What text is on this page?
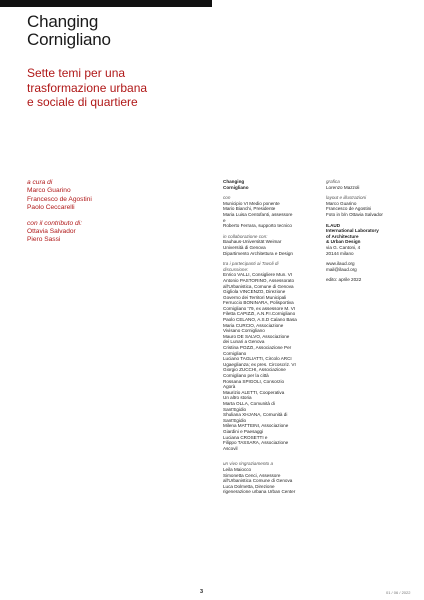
Changing
Cornigliano
Sette temi per una
trasformazione urbana
e sociale di quartiere
a cura di
Marco Guarino
Francesco de Agostini
Paolo Ceccarelli
con il contributo di:
Ottavia Salvador
Piero Sassi
Changing
Cornigliano
con
Municipio VI Medio ponente
Mario Bianchi, Presidente
Maria Luisa Centofanti, assessore
e
Roberto Ferrara, supporto tecnico
in collaborazione con:
Bauhaus-Universität Weimar
Università di Genova
Dipartimento Architettura e Design
tra i partecipanti ai Tavoli di
discussione:
Enrico VALLI, Consigliere Mun. VI
Antonio PASTORINO, Assessorato
all'Urbanistica, Comune di Genova
Gigliola VINCENZO, Direzione
Governo dei Territori Municipali
Ferruccio BONINARA, Polisportiva
Cornigliano '79, ex assessore M. VI
Filetta CAPIZZI, A.N.P.I.Cornigliano
Paolo CELANO, A.S.D Calano Basa
Maria CURCIO, Associazione
Vivisano Cornigliano
Mauro DE SALVO, Associazione
dei Lunari a Genova
Cristina POZZI, Associazione Per
Cornigliano
Luciano TAGLIATTI, Circolo ARCI
Ugaeglianza; ex pres. Circoscriz. VI
Giorgio ZUCCHI, Associazione
Cornigliano per la città
Rossana SPIGOLI, Consorzio
Agorà
Maurizio ALETTI, Cooperativa
Un altro storia
Marta OLLA, Comunità di
Sant'Egidio
Shuliana XHJANA, Comunità di
Sant'Egidio
Milena MATTEINI, Associazione
Giardini e Paesaggi
Luciana CROSETTI e
Filippo TASSARA, Associazione
Ascovil
un vivo ringraziamento a
Leila Maiocco
Simonetta Cenci, Assessore
all'Urbanistica Comune di Genova
Luca Dolmetta, Direzione
rigenerazione urbana Urban Center
grafica
Lorenzo Mazzoli
layout e illustrazioni
Marco Guarino
Francesco de Agostini
Foto in b/n Ottavia Salvador
ILAUD
International Laboratory
of Architecture
& Urban Design
via G. Cantoni, 4
20144 milano
www.ilaud.org
mail@ilaud.org
edito: aprile 2022
3	01 / 06 / 2022
